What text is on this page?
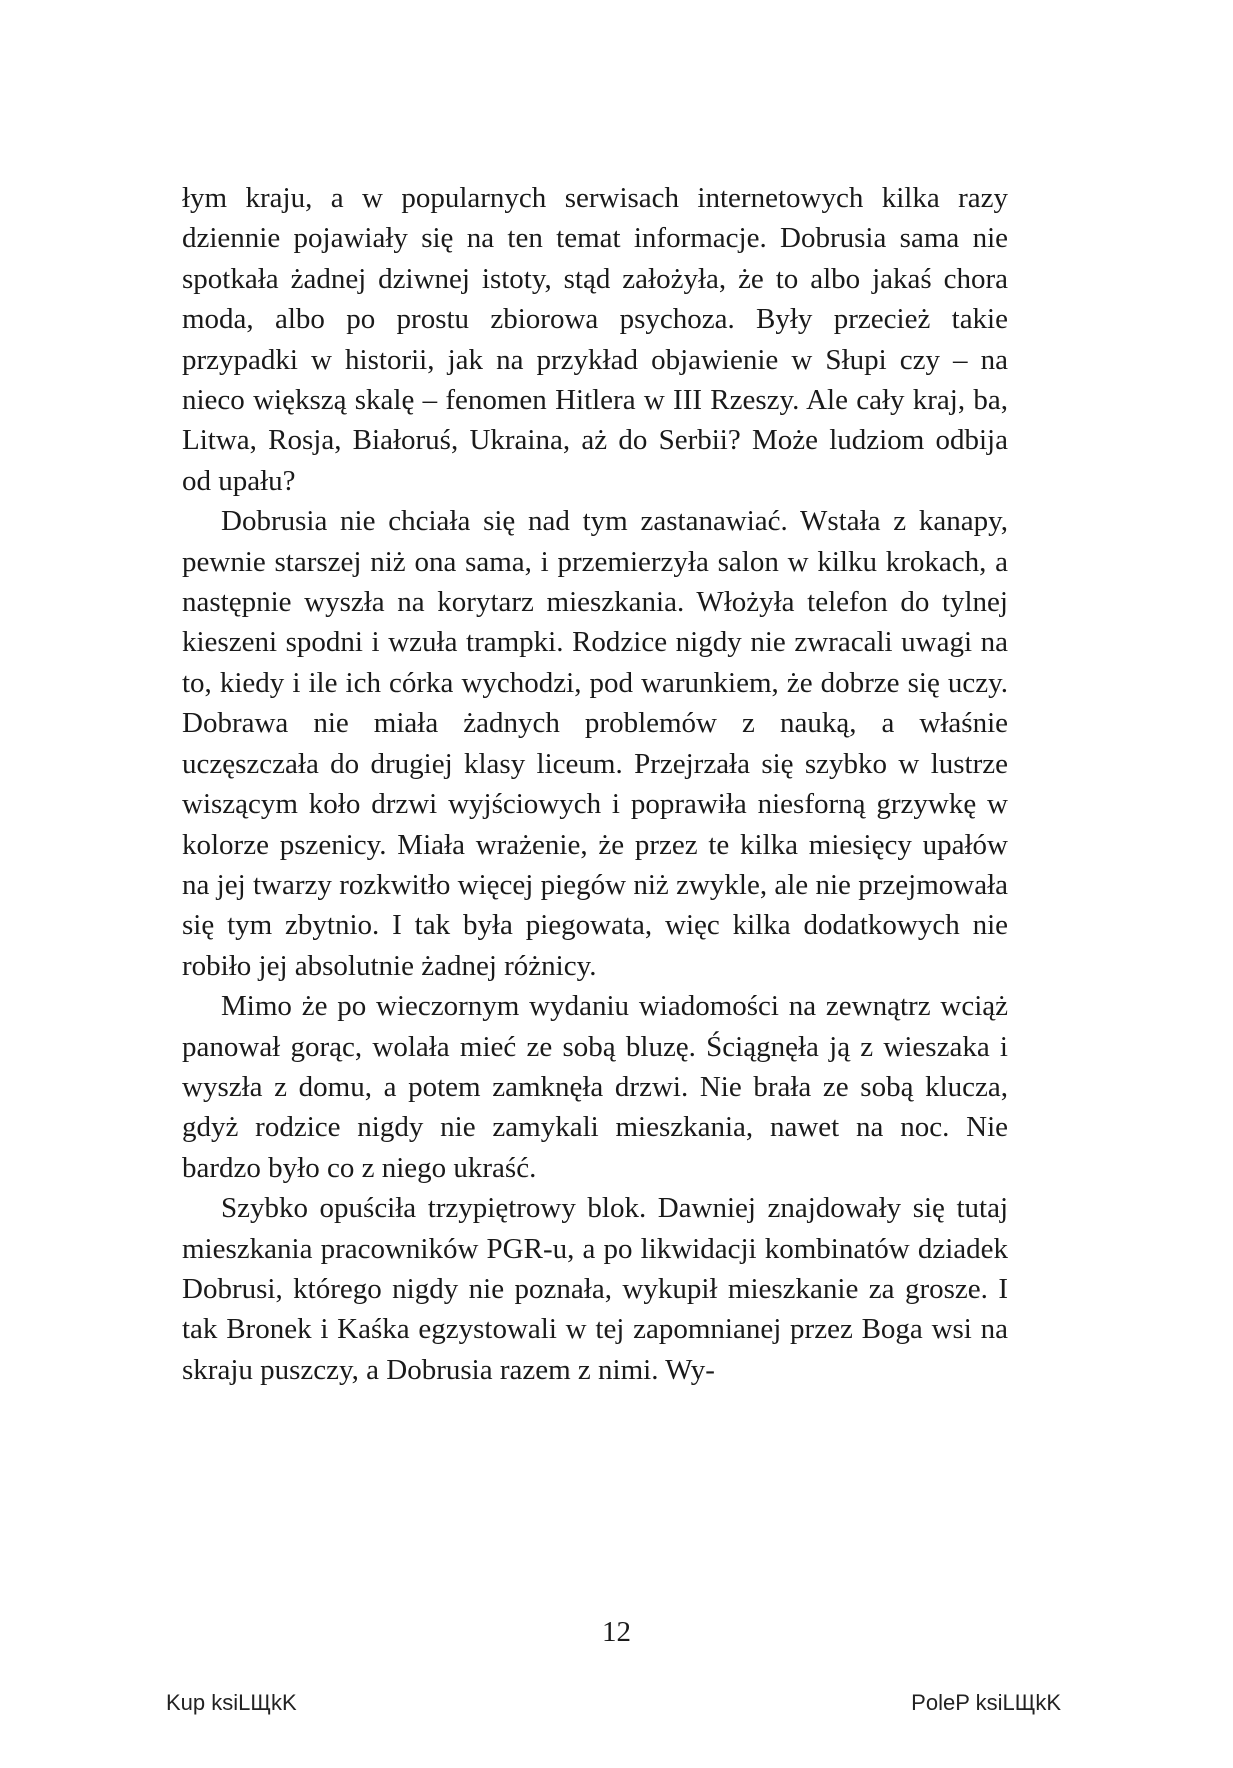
łym kraju, a w popularnych serwisach internetowych kilka razy dziennie pojawiały się na ten temat informacje. Dobrusia sama nie spotkała żadnej dziwnej istoty, stąd założyła, że to albo jakaś chora moda, albo po prostu zbiorowa psychoza. Były przecież takie przypadki w historii, jak na przykład objawienie w Słupi czy – na nieco większą skalę – fenomen Hitlera w III Rzeszy. Ale cały kraj, ba, Litwa, Rosja, Białoruś, Ukraina, aż do Serbii? Może ludziom odbija od upału?

Dobrusia nie chciała się nad tym zastanawiać. Wstała z kanapy, pewnie starszej niż ona sama, i przemierzyła salon w kilku krokach, a następnie wyszła na korytarz mieszkania. Włożyła telefon do tylnej kieszeni spodni i wzuła trampki. Rodzice nigdy nie zwracali uwagi na to, kiedy i ile ich córka wychodzi, pod warunkiem, że dobrze się uczy. Dobrawa nie miała żadnych problemów z nauką, a właśnie uczęszczała do drugiej klasy liceum. Przejrzała się szybko w lustrze wiszącym koło drzwi wyjściowych i poprawiła niesforną grzywkę w kolorze pszenicy. Miała wrażenie, że przez te kilka miesięcy upałów na jej twarzy rozkwitło więcej piegów niż zwykle, ale nie przejmowała się tym zbytnio. I tak była piegowata, więc kilka dodatkowych nie robiło jej absolutnie żadnej różnicy.

Mimo że po wieczornym wydaniu wiadomości na zewnątrz wciąż panował gorąc, wolała mieć ze sobą bluzę. Ściągnęła ją z wieszaka i wyszła z domu, a potem zamknęła drzwi. Nie brała ze sobą klucza, gdyż rodzice nigdy nie zamykali mieszkania, nawet na noc. Nie bardzo było co z niego ukraść.

Szybko opuściła trzypiętrowy blok. Dawniej znajdowały się tutaj mieszkania pracowników PGR-u, a po likwidacji kombinatów dziadek Dobrusi, którego nigdy nie poznała, wykupił mieszkanie za grosze. I tak Bronek i Kaśka egzystowali w tej zapomnianej przez Boga wsi na skraju puszczy, a Dobrusia razem z nimi. Wy-

12
Kup ksiLЩkK	PoleP ksiLЩkK
